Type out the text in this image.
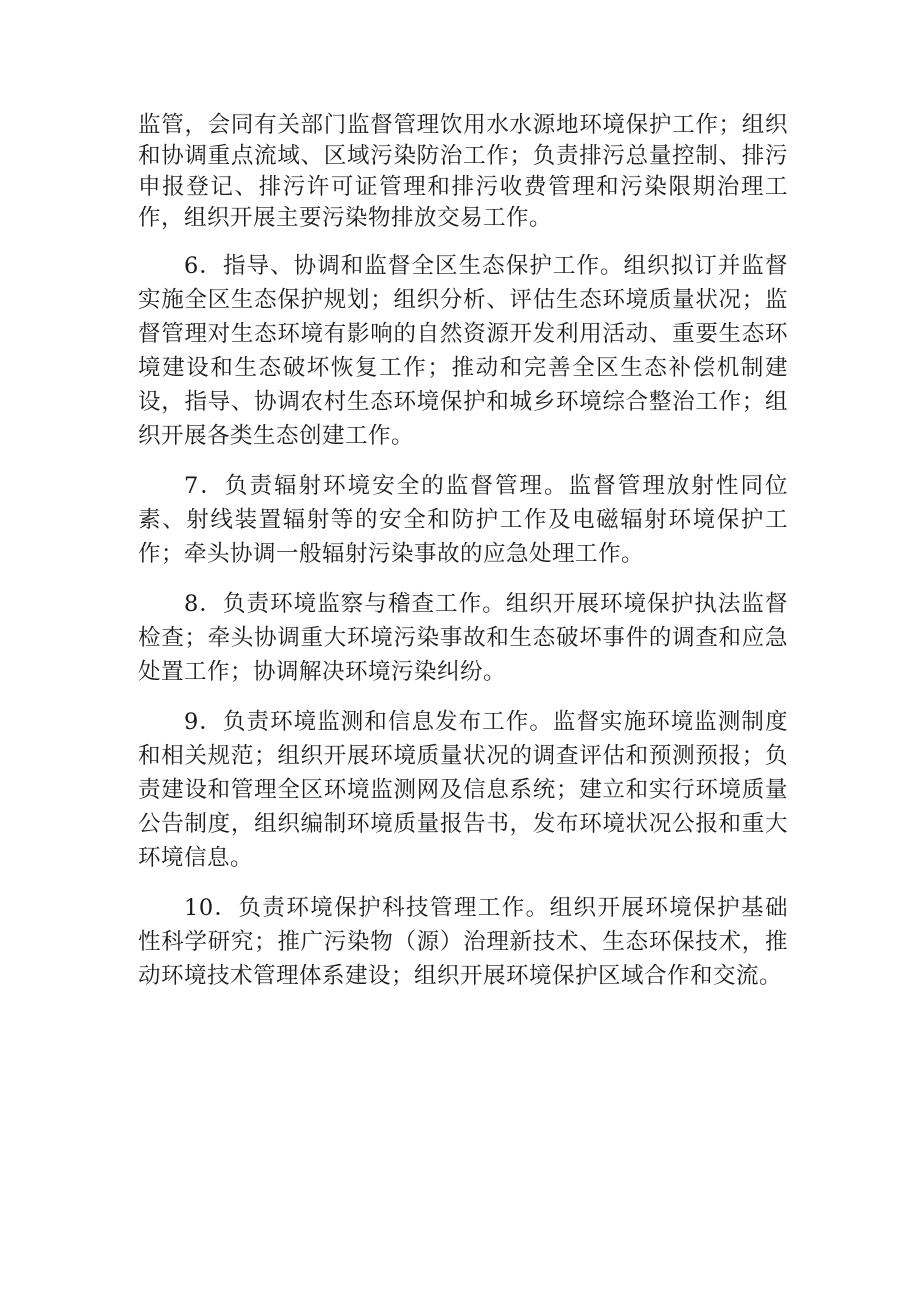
监管，会同有关部门监督管理饮用水水源地环境保护工作；组织和协调重点流域、区域污染防治工作；负责排污总量控制、排污申报登记、排污许可证管理和排污收费管理和污染限期治理工作，组织开展主要污染物排放交易工作。

6．指导、协调和监督全区生态保护工作。组织拟订并监督实施全区生态保护规划；组织分析、评估生态环境质量状况；监督管理对生态环境有影响的自然资源开发利用活动、重要生态环境建设和生态破坏恢复工作；推动和完善全区生态补偿机制建设，指导、协调农村生态环境保护和城乡环境综合整治工作；组织开展各类生态创建工作。

7．负责辐射环境安全的监督管理。监督管理放射性同位素、射线装置辐射等的安全和防护工作及电磁辐射环境保护工作；牵头协调一般辐射污染事故的应急处理工作。

8．负责环境监察与稽查工作。组织开展环境保护执法监督检查；牵头协调重大环境污染事故和生态破坏事件的调查和应急处置工作；协调解决环境污染纠纷。

9．负责环境监测和信息发布工作。监督实施环境监测制度和相关规范；组织开展环境质量状况的调查评估和预测预报；负责建设和管理全区环境监测网及信息系统；建立和实行环境质量公告制度，组织编制环境质量报告书，发布环境状况公报和重大环境信息。

10．负责环境保护科技管理工作。组织开展环境保护基础性科学研究；推广污染物（源）治理新技术、生态环保技术，推动环境技术管理体系建设；组织开展环境保护区域合作和交流。
